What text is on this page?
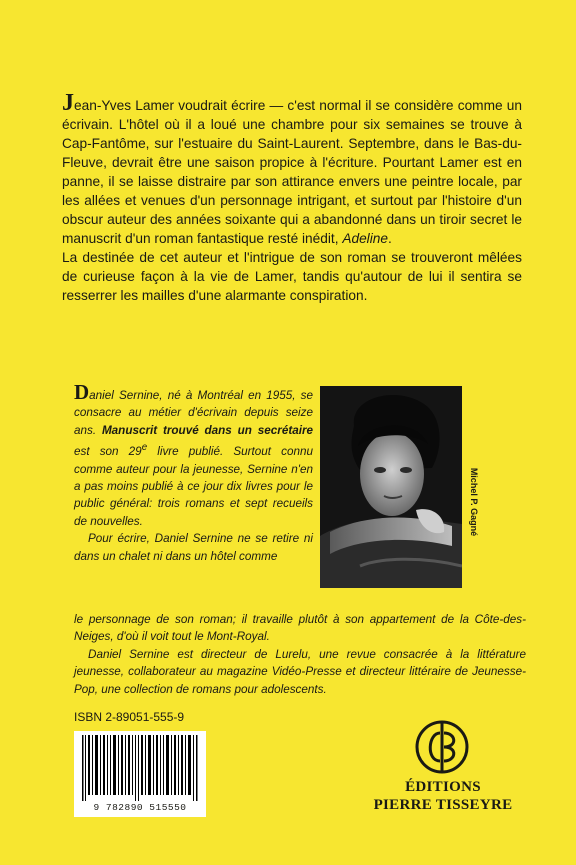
Jean-Yves Lamer voudrait écrire — c'est normal il se considère comme un écrivain. L'hôtel où il a loué une chambre pour six semaines se trouve à Cap-Fantôme, sur l'estuaire du Saint-Laurent. Septembre, dans le Bas-du-Fleuve, devrait être une saison propice à l'écriture. Pourtant Lamer est en panne, il se laisse distraire par son attirance envers une peintre locale, par les allées et venues d'un personnage intrigant, et surtout par l'histoire d'un obscur auteur des années soixante qui a abandonné dans un tiroir secret le manuscrit d'un roman fantastique resté inédit, Adeline.

La destinée de cet auteur et l'intrigue de son roman se trouveront mêlées de curieuse façon à la vie de Lamer, tandis qu'autour de lui il sentira se resserrer les mailles d'une alarmante conspiration.

Daniel Sernine, né à Montréal en 1955, se consacre au métier d'écrivain depuis seize ans. Manuscrit trouvé dans un secrétaire est son 29e livre publié. Surtout connu comme auteur pour la jeunesse, Sernine n'en a pas moins publié à ce jour dix livres pour le public général: trois romans et sept recueils de nouvelles.

Pour écrire, Daniel Sernine ne se retire ni dans un chalet ni dans un hôtel comme

le personnage de son roman; il travaille plutôt à son appartement de la Côte-des-Neiges, d'où il voit tout le Mont-Royal.

Daniel Sernine est directeur de Lurelu, une revue consacrée à la littérature jeunesse, collaborateur au magazine Vidéo-Presse et directeur littéraire de Jeunesse-Pop, une collection de romans pour adolescents.

Michel P. Gagné
ISBN 2-89051-555-9
9 782890 515550
ÉDITIONS
PIERRE TISSEYRE
